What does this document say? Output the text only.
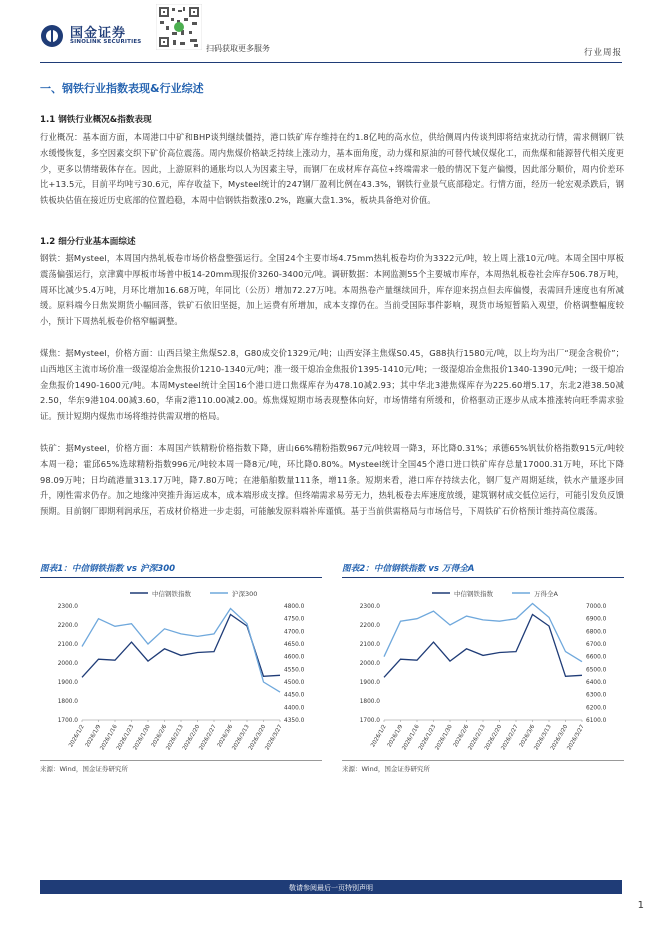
国金证券
SINOLINK SECURITIES
扫码获取更多服务	行业周报
一、钢铁行业指数表现&行业综述
1.1 钢铁行业概况&指数表现
行业概况：基本面方面，本周港口中矿和BHP谈判继续僵持，港口铁矿库存维持在约1.8亿吨的高水位，供给侧周内传谈判即将结束扰动行情，需求侧钢厂铁水缓慢恢复，多空因素交织下矿价高位震荡。周内焦煤价格缺乏持续上涨动力，基本面角度，动力煤和原油的可替代域仅煤化工，而焦煤和能源替代相关度更少，更多以情绪载体存在。因此，上游原料的通胀均以人为因素主导，而钢厂在成材库存高位+终端需求一般的情况下复产偏慢，因此部分顺价，周内价差环比+13.5元，目前平均吨亏30.6元，库存收益下，Mysteel统计的247钢厂盈利比例在43.3%，钢铁行业景气底部稳定。行情方面，经历一轮宏观杀跌后，钢铁板块估值在接近历史底部的位置趋稳，本周中信钢铁指数涨0.2%，跑赢大盘1.3%，板块具备绝对价值。
1.2 细分行业基本面综述
钢铁：据Mysteel，本周国内热轧板卷市场价格盘整强运行。全国24个主要市场4.75mm热轧板卷均价为3322元/吨，较上周上涨10元/吨。本周全国中厚板震荡偏强运行，京津冀中厚板市场普中板14-20mm现报价3260-3400元/吨。调研数据：本网监测55个主要城市库存，本周热轧板卷社会库存506.78万吨，周环比减少5.4万吨，月环比增加16.68万吨，年同比（公历）增加72.27万吨。本周热卷产量继续回升，库存迎来拐点但去库偏慢，表需回升速度也有所减缓。原料端今日焦炭期货小幅回落，铁矿石依旧坚挺，加上运费有所增加，成本支撑仍在。当前受国际事件影响，现货市场短暂陷入观望，价格调整幅度较小，预计下周热轧板卷价格窄幅调整。
煤焦：据Mysteel，价格方面：山西吕梁主焦煤S2.8，G80成交价1329元/吨；山西安泽主焦煤S0.45，G88执行1580元/吨，以上均为出厂“现金含税价”；山西地区主流市场价准一级湿熄冶金焦报价1210-1340元/吨；准一级干熄冶金焦报价1395-1410元/吨；一级湿熄冶金焦报价1340-1390元/吨；一级干熄冶金焦报价1490-1600元/吨。本周Mysteel统计全国16个港口进口焦煤库存为478.10减2.93；其中华北3港焦煤库存为225.60增5.17，东北2港38.50减2.50，华东9港104.00减3.60，华南2港110.00减2.00。炼焦煤短期市场表现整体向好，市场情绪有所缓和，价格驱动正逐步从成本推涨转向旺季需求验证。预计短期内煤焦市场将维持供需双增的格局。
铁矿：据Mysteel，价格方面：本周国产铁精粉价格指数下降，唐山66%精粉指数967元/吨较周一降3，环比降0.31%；承德65%钒钛价格指数915元/吨较本周一稳；霍邱65%选球精粉指数996元/吨较本周一降8元/吨，环比降0.80%。Mysteel统计全国45个港口进口铁矿库存总量17000.31万吨，环比下降98.09万吨；日均疏港量313.17万吨，降7.80万吨；在港船舶数量111条，增11条。短期来看，港口库存持续去化，钢厂复产周期延续，铁水产量逐步回升，刚性需求仍存。加之地缘冲突推升海运成本，成本端形成支撑。但终端需求易劳无力，热轧板卷去库速度放缓，建筑钢材成交低位运行，可能引发负反馈预期。目前钢厂即期利润承压，若成材价格进一步走弱，可能触发原料端补库谨慎。基于当前供需格局与市场信号，下周铁矿石价格预计维持高位震荡。
图表1：中信钢铁指数 vs 沪深300
中信钢铁指数	沪深300
2300.0
2200.0
2100.0
2000.0
1900.0
1800.0
1700.0
4800.0
4750.0
4700.0
4650.0
4600.0
4550.0
4500.0
4450.0
4400.0
4350.0
2026/1/2
2026/1/9
2026/1/16
2026/1/23
2026/1/30
2026/2/6
2026/2/13
2026/2/20
2026/2/27
2026/3/6
2026/3/13
2026/3/20
2026/3/27
来源：Wind，国金证券研究所
图表2：中信钢铁指数 vs 万得全A
中信钢铁指数	万得全A
2300.0
2200.0
2100.0
2000.0
1900.0
1800.0
1700.0
7000.0
6900.0
6800.0
6700.0
6600.0
6500.0
6400.0
6300.0
6200.0
6100.0
2026/1/2
2026/1/9
2026/1/16
2026/1/23
2026/1/30
2026/2/6
2026/2/13
2026/2/20
2026/2/27
2026/3/6
2026/3/13
2026/3/20
2026/3/27
来源：Wind，国金证券研究所
敬请参阅最后一页特别声明
1
